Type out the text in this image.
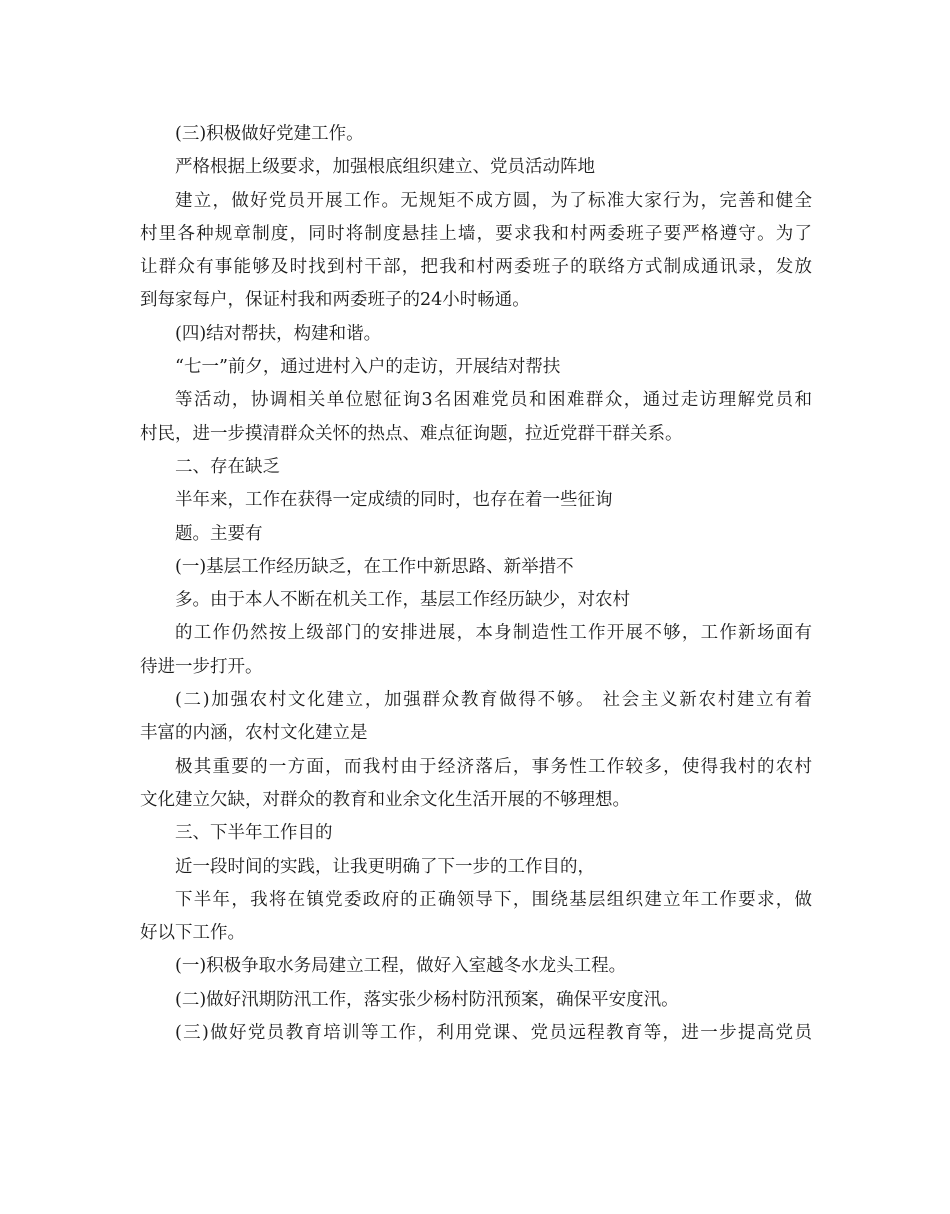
(三)积极做好党建工作。
严格根据上级要求，加强根底组织建立、党员活动阵地
建立，做好党员开展工作。无规矩不成方圆，为了标准大家行为，完善和健全
村里各种规章制度，同时将制度悬挂上墙，要求我和村两委班子要严格遵守。为了
让群众有事能够及时找到村干部，把我和村两委班子的联络方式制成通讯录，发放
到每家每户，保证村我和两委班子的24小时畅通。
(四)结对帮扶，构建和谐。
“七一”前夕，通过进村入户的走访，开展结对帮扶
等活动，协调相关单位慰征询3名困难党员和困难群众，通过走访理解党员和
村民，进一步摸清群众关怀的热点、难点征询题，拉近党群干群关系。
二、存在缺乏
半年来，工作在获得一定成绩的同时，也存在着一些征询
题。主要有
(一)基层工作经历缺乏，在工作中新思路、新举措不
多。由于本人不断在机关工作，基层工作经历缺少，对农村
的工作仍然按上级部门的安排进展，本身制造性工作开展不够，工作新场面有
待进一步打开。
(二)加强农村文化建立，加强群众教育做得不够。 社会主义新农村建立有着
丰富的内涵，农村文化建立是
极其重要的一方面，而我村由于经济落后，事务性工作较多，使得我村的农村
文化建立欠缺，对群众的教育和业余文化生活开展的不够理想。
三、下半年工作目的
近一段时间的实践，让我更明确了下一步的工作目的，
下半年，我将在镇党委政府的正确领导下，围绕基层组织建立年工作要求，做
好以下工作。
(一)积极争取水务局建立工程，做好入室越冬水龙头工程。
(二)做好汛期防汛工作，落实张少杨村防汛预案，确保平安度汛。
(三)做好党员教育培训等工作，利用党课、党员远程教育等，进一步提高党员
